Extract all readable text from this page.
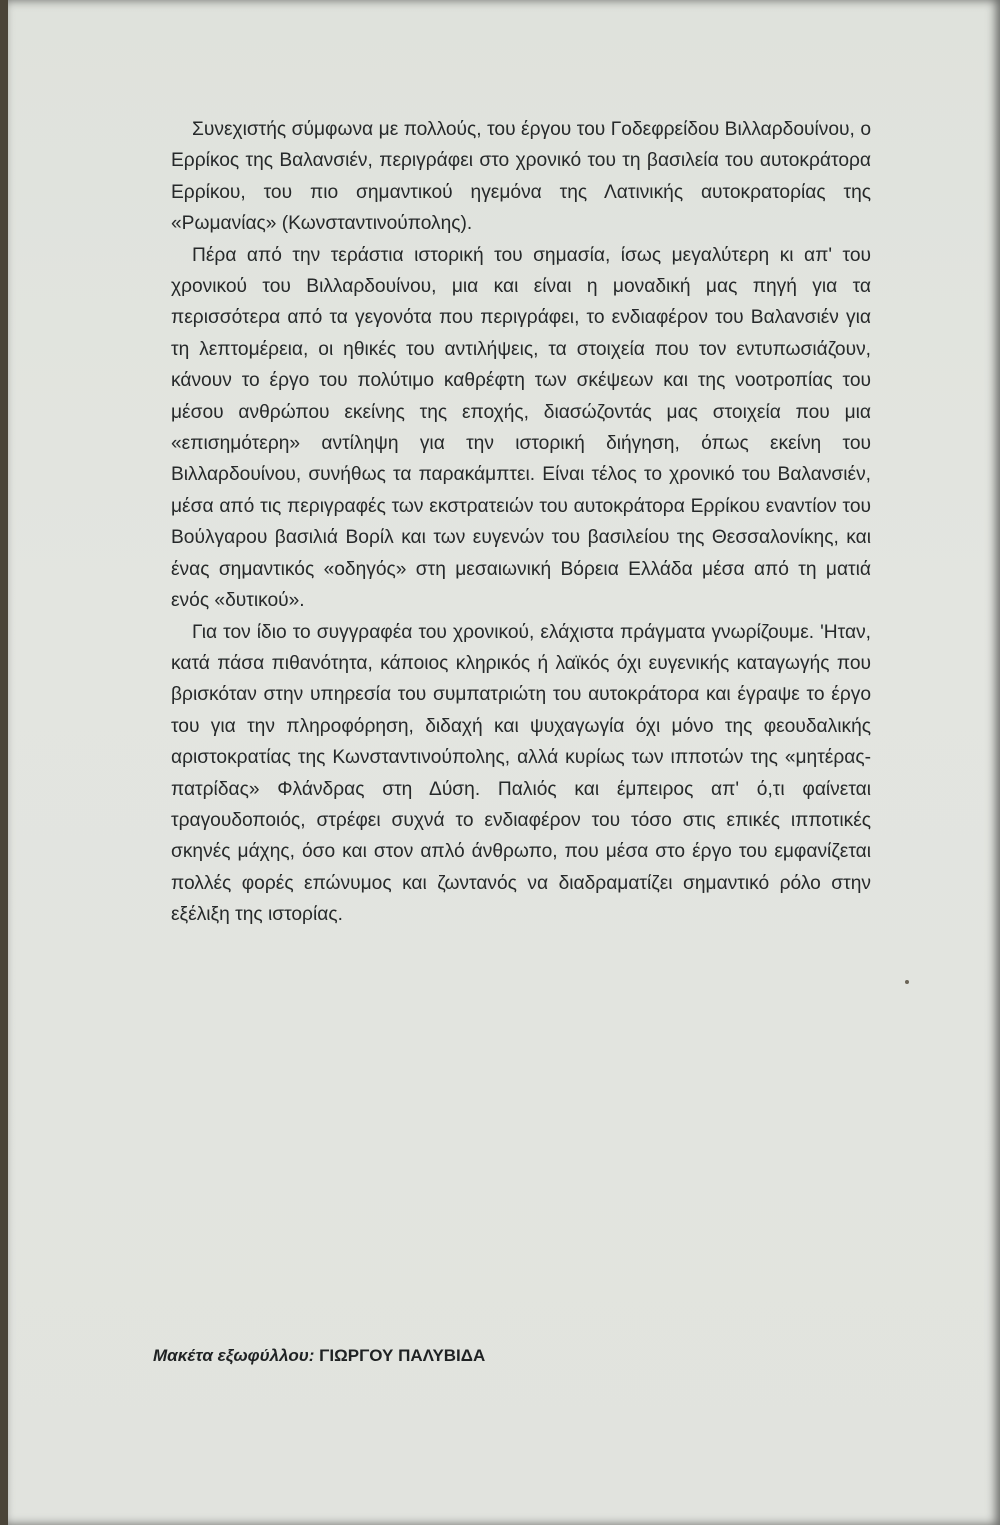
Συνεχιστής σύμφωνα με πολλούς, του έργου του Γοδεφρείδου Βιλλαρδουίνου, ο Ερρίκος της Βαλανσιέν, περιγράφει στο χρονικό του τη βασιλεία του αυτοκράτορα Ερρίκου, του πιο σημαντικού ηγεμόνα της Λατινικής αυτοκρατορίας της «Ρωμανίας» (Κωνσταντινούπολης).

Πέρα από την τεράστια ιστορική του σημασία, ίσως μεγαλύτερη κι απ' του χρονικού του Βιλλαρδουίνου, μια και είναι η μοναδική μας πηγή για τα περισσότερα από τα γεγονότα που περιγράφει, το ενδιαφέρον του Βαλανσιέν για τη λεπτομέρεια, οι ηθικές του αντιλήψεις, τα στοιχεία που τον εντυπωσιάζουν, κάνουν το έργο του πολύτιμο καθρέφτη των σκέψεων και της νοοτροπίας του μέσου ανθρώπου εκείνης της εποχής, διασώζοντάς μας στοιχεία που μια «επισημότερη» αντίληψη για την ιστορική διήγηση, όπως εκείνη του Βιλλαρδουίνου, συνήθως τα παρακάμπτει. Είναι τέλος το χρονικό του Βαλανσιέν, μέσα από τις περιγραφές των εκστρατειών του αυτοκράτορα Ερρίκου εναντίον του Βούλγαρου βασιλιά Βορίλ και των ευγενών του βασιλείου της Θεσσαλονίκης, και ένας σημαντικός «οδηγός» στη μεσαιωνική Βόρεια Ελλάδα μέσα από τη ματιά ενός «δυτικού».

Για τον ίδιο το συγγραφέα του χρονικού, ελάχιστα πράγματα γνωρίζουμε. 'Ηταν, κατά πάσα πιθανότητα, κάποιος κληρικός ή λαϊκός όχι ευγενικής καταγωγής που βρισκόταν στην υπηρεσία του συμπατριώτη του αυτοκράτορα και έγραψε το έργο του για την πληροφόρηση, διδαχή και ψυχαγωγία όχι μόνο της φεουδαλικής αριστοκρατίας της Κωνσταντινούπολης, αλλά κυρίως των ιπποτών της «μητέρας-πατρίδας» Φλάνδρας στη Δύση. Παλιός και έμπειρος απ' ό,τι φαίνεται τραγουδοποιός, στρέφει συχνά το ενδιαφέρον του τόσο στις επικές ιπποτικές σκηνές μάχης, όσο και στον απλό άνθρωπο, που μέσα στο έργο του εμφανίζεται πολλές φορές επώνυμος και ζωντανός να διαδραματίζει σημαντικό ρόλο στην εξέλιξη της ιστορίας.

Μακέτα εξωφύλλου: ΓΙΩΡΓΟΥ ΠΑΛΥΒΙΔΑ
